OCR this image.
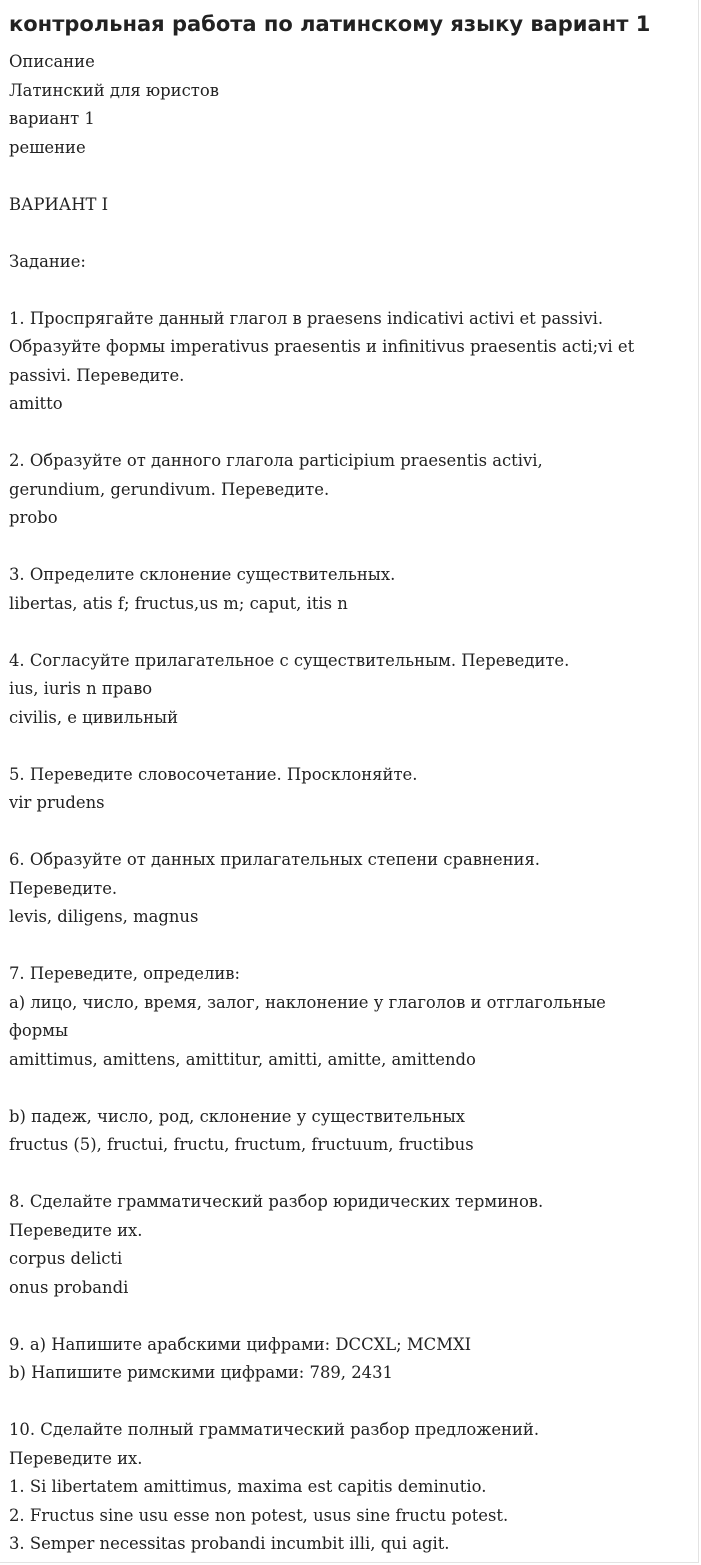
контрольная работа по латинскому языку вариант 1
Описание
Латинский для юристов
вариант 1
решение
ВАРИАНТ I
Задание:
1. Проспрягайте данный глагол в praesens indicativi activi et passivi.
Образуйте формы imperativus praesentis и infinitivus praesentis acti;vi et
passivi. Переведите.
amitto
2. Образуйте от данного глагола participium praesentis activi,
gerundium, gerundivum. Переведите.
probo
3. Определите склонение существительных.
libertas, atis f; fructus,us m; caput, itis n
4. Согласуйте прилагательное с существительным. Переведите.
ius, iuris n право
civilis, e цивильный
5. Переведите словосочетание. Просклоняйте.
vir prudens
6. Образуйте от данных прилагательных степени сравнения.
Переведите.
levis, diligens, magnus
7. Переведите, определив:
a) лицо, число, время, залог, наклонение у глаголов и отглагольные
формы
amittimus, amittens, amittitur, amitti, amitte, amittendo
b) падеж, число, род, склонение у существительных
fructus (5), fructui, fructu, fructum, fructuum, fructibus
8. Сделайте грамматический разбор юридических терминов.
Переведите их.
corpus delicti
onus probandi
9. a) Напишите арабскими цифрами: DCCXL; MCMXI
b) Напишите римскими цифрами: 789, 2431
10. Сделайте полный грамматический разбор предложений.
Переведите их.
1. Si libertatem amittimus, maxima est capitis deminutio.
2. Fructus sine usu esse non potest, usus sine fructu potest.
3. Semper necessitas probandi incumbit illi, qui agit.
